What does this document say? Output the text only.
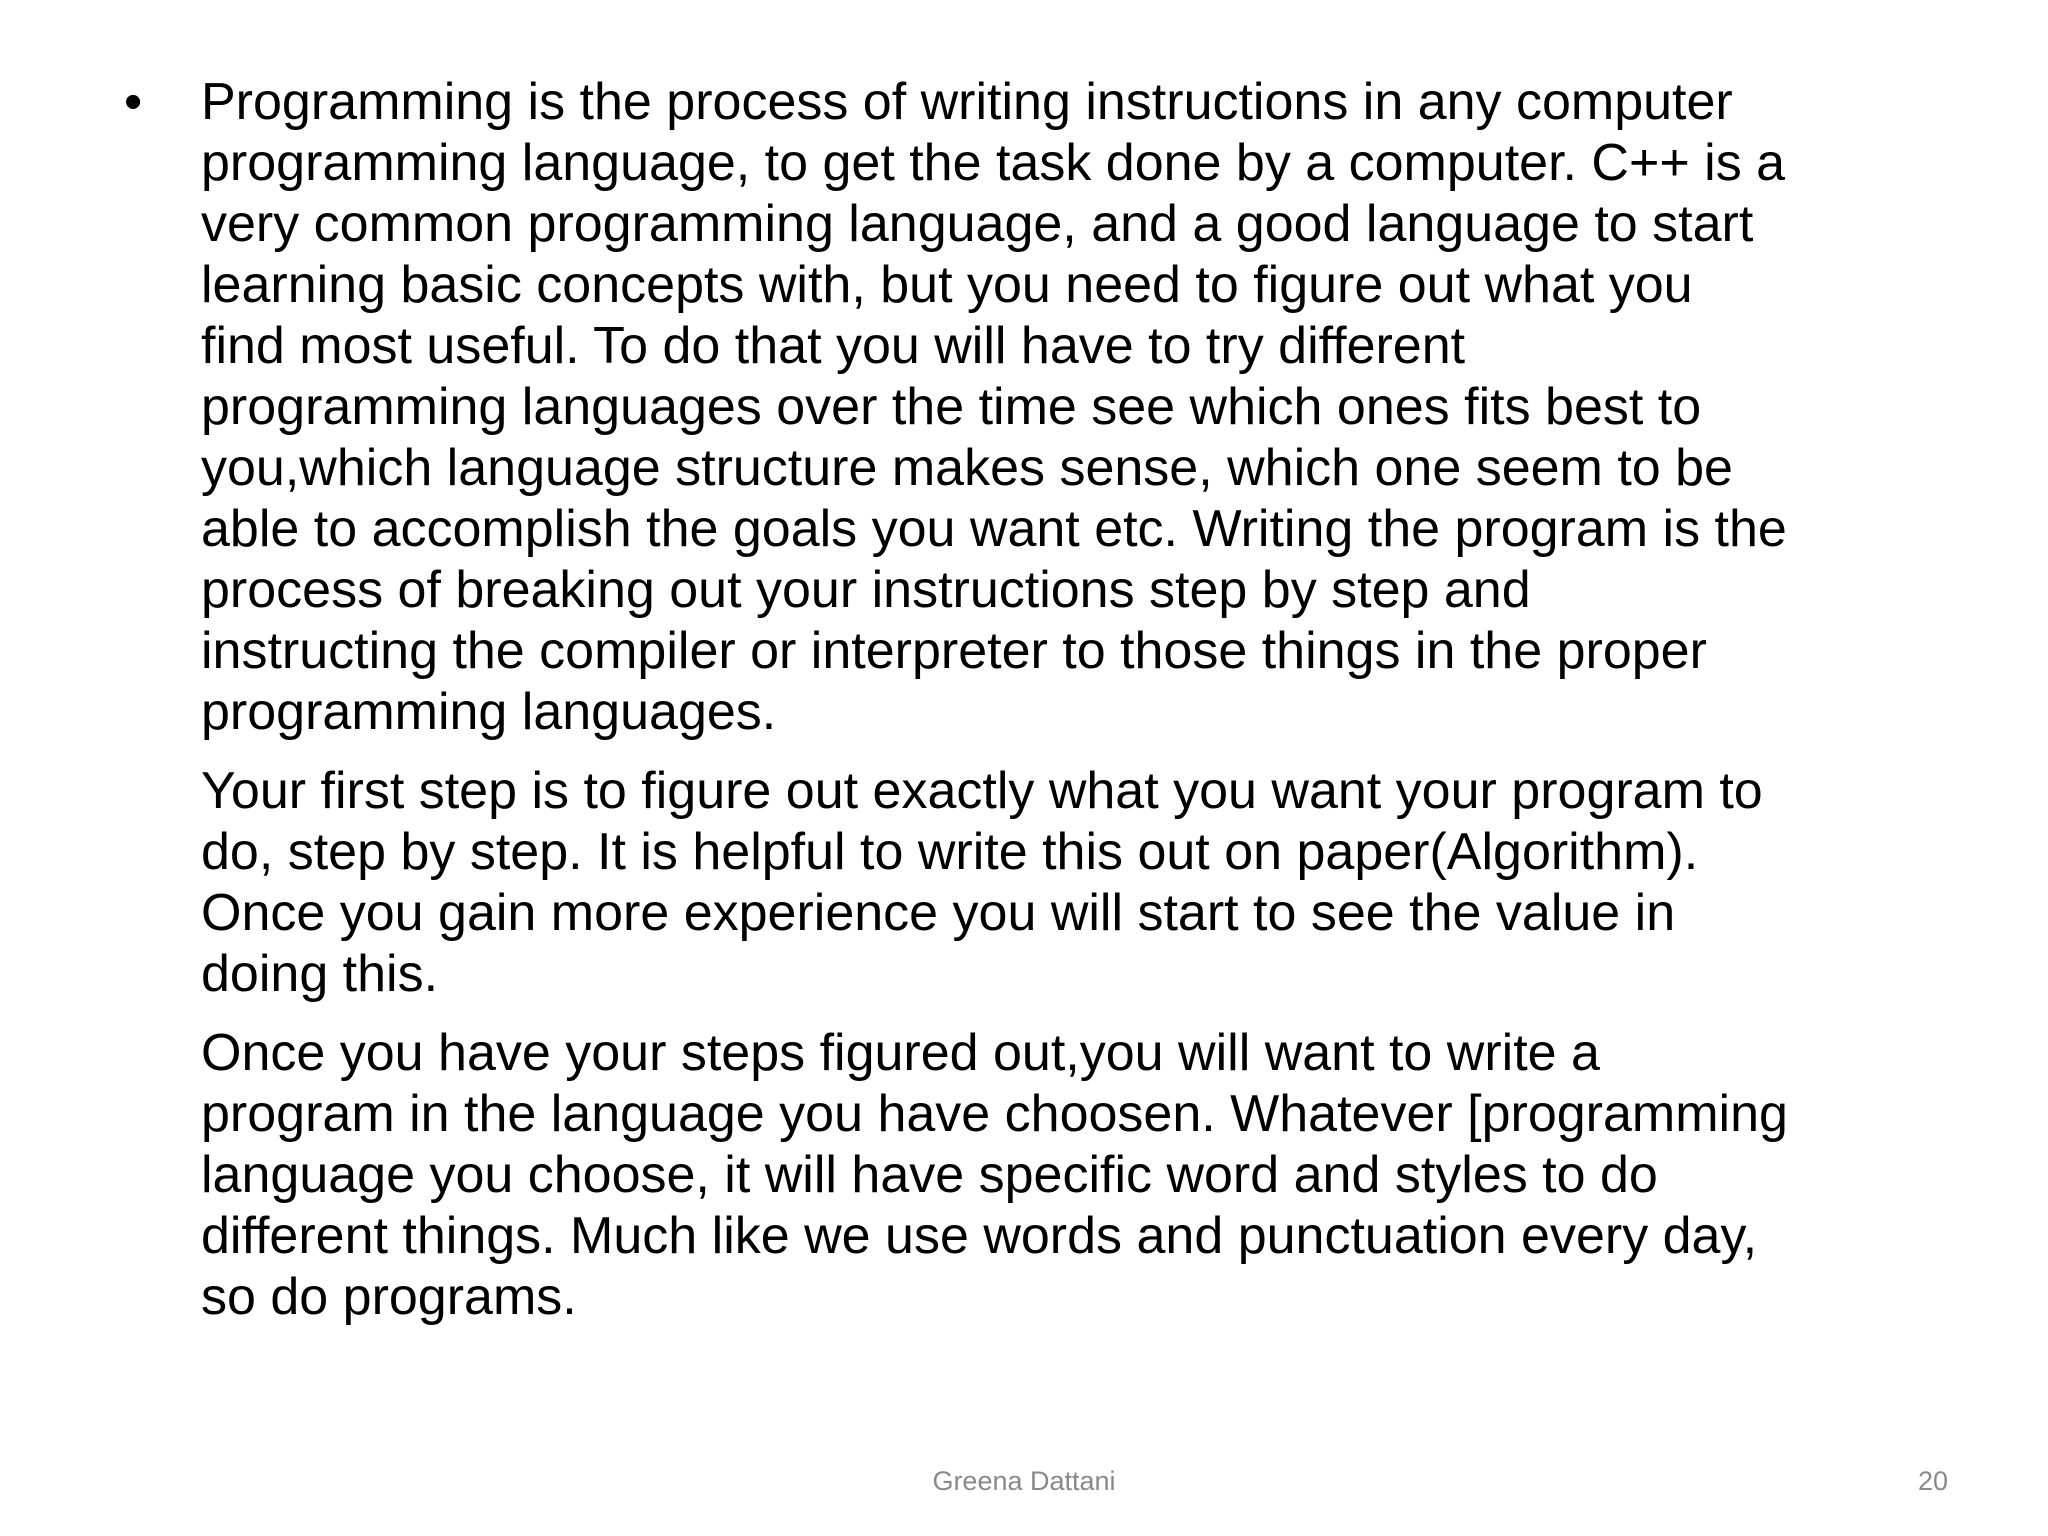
• Programming is the process of writing instructions in any computer
programming language, to get the task done by a computer. C++ is a
very common programming language, and a good language to start
learning basic concepts with, but you need to figure out what you
find most useful. To do that you will have to try different
programming languages over the time see which ones fits best to
you,which language structure makes sense, which one seem to be
able to accomplish the goals you want etc. Writing the program is the
process of breaking out your instructions step by step and
instructing the compiler or interpreter to those things in the proper
programming languages.
Your first step is to figure out exactly what you want your program to
do, step by step. It is helpful to write this out on paper(Algorithm).
Once you gain more experience you will start to see the value in
doing this.
Once you have your steps figured out,you will want to write a
program in the language you have choosen. Whatever [programming
language you choose, it will have specific word and styles to do
different things. Much like we use words and punctuation every day,
so do programs.
Greena Dattani	20
